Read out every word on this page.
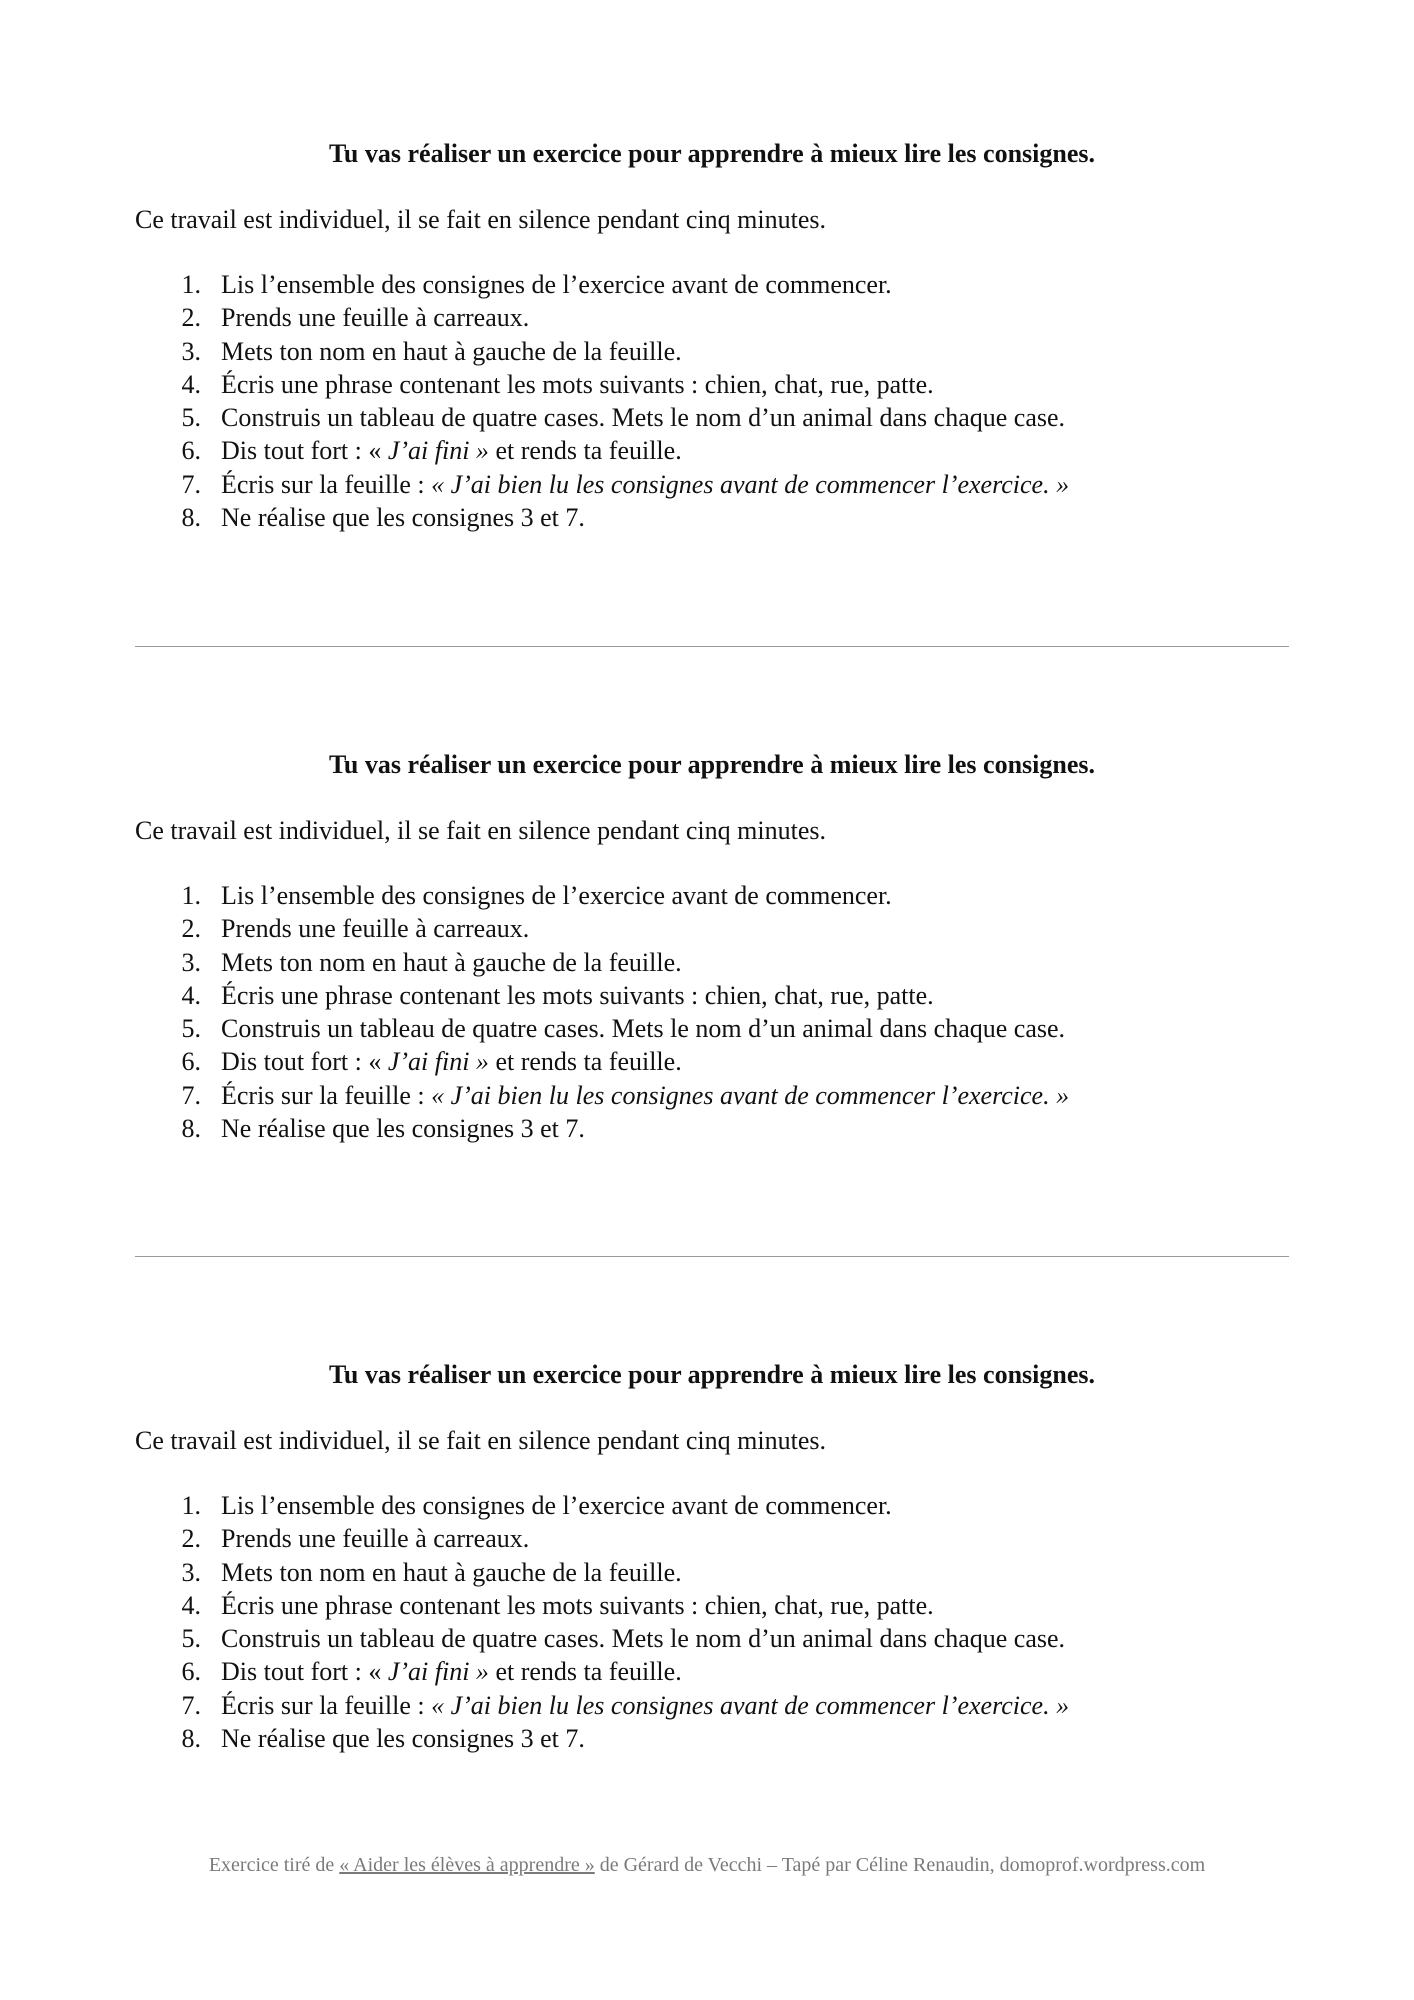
Tu vas réaliser un exercice pour apprendre à mieux lire les consignes.

Ce travail est individuel, il se fait en silence pendant cinq minutes.

1. Lis l’ensemble des consignes de l’exercice avant de commencer.
2. Prends une feuille à carreaux.
3. Mets ton nom en haut à gauche de la feuille.
4. Écris une phrase contenant les mots suivants : chien, chat, rue, patte.
5. Construis un tableau de quatre cases. Mets le nom d’un animal dans chaque case.
6. Dis tout fort : « J’ai fini » et rends ta feuille.
7. Écris sur la feuille : « J’ai bien lu les consignes avant de commencer l’exercice. »
8. Ne réalise que les consignes 3 et 7.
Tu vas réaliser un exercice pour apprendre à mieux lire les consignes.

Ce travail est individuel, il se fait en silence pendant cinq minutes.

1. Lis l’ensemble des consignes de l’exercice avant de commencer.
2. Prends une feuille à carreaux.
3. Mets ton nom en haut à gauche de la feuille.
4. Écris une phrase contenant les mots suivants : chien, chat, rue, patte.
5. Construis un tableau de quatre cases. Mets le nom d’un animal dans chaque case.
6. Dis tout fort : « J’ai fini » et rends ta feuille.
7. Écris sur la feuille : « J’ai bien lu les consignes avant de commencer l’exercice. »
8. Ne réalise que les consignes 3 et 7.
Tu vas réaliser un exercice pour apprendre à mieux lire les consignes.

Ce travail est individuel, il se fait en silence pendant cinq minutes.

1. Lis l’ensemble des consignes de l’exercice avant de commencer.
2. Prends une feuille à carreaux.
3. Mets ton nom en haut à gauche de la feuille.
4. Écris une phrase contenant les mots suivants : chien, chat, rue, patte.
5. Construis un tableau de quatre cases. Mets le nom d’un animal dans chaque case.
6. Dis tout fort : « J’ai fini » et rends ta feuille.
7. Écris sur la feuille : « J’ai bien lu les consignes avant de commencer l’exercice. »
8. Ne réalise que les consignes 3 et 7.
Exercice tiré de « Aider les élèves à apprendre » de Gérard de Vecchi – Tapé par Céline Renaudin, domoprof.wordpress.com
